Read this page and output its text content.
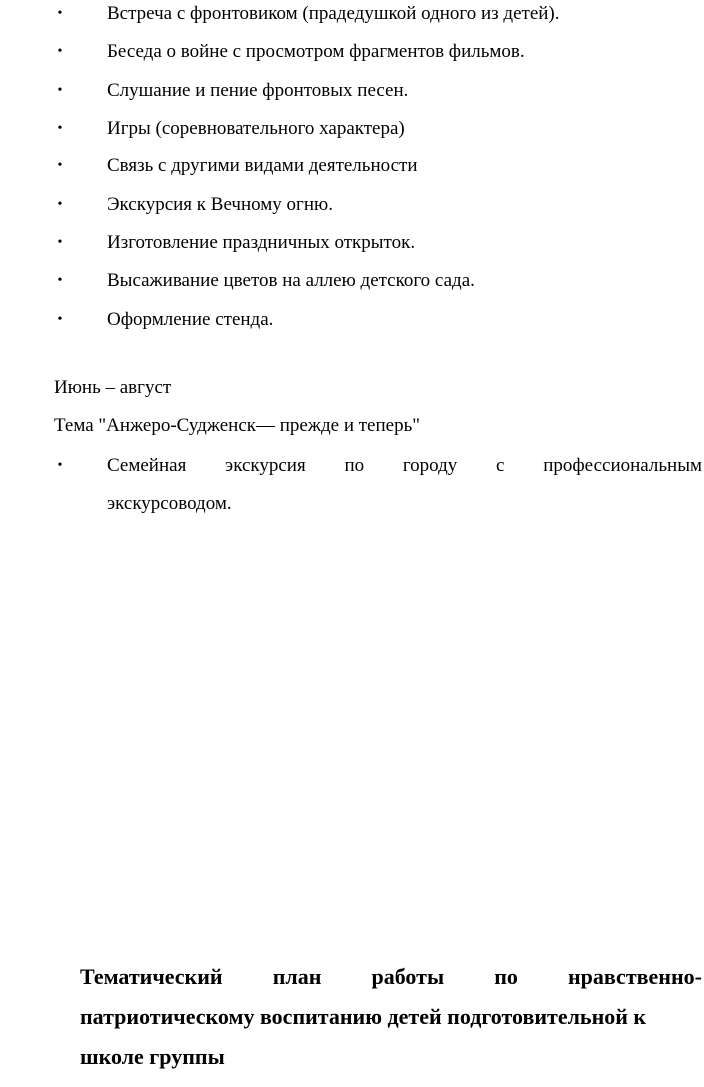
• Встреча с фронтовиком (прадедушкой одного из детей).
• Беседа о войне с просмотром фрагментов фильмов.
• Слушание и пение фронтовых песен.
• Игры (соревновательного характера)
• Связь с другими видами деятельности
• Экскурсия к Вечному огню.
• Изготовление праздничных открыток.
• Высаживание цветов на аллею детского сада.
• Оформление стенда.
Июнь – август
Тема "Анжеро-Судженск— прежде и теперь"
• Семейная экскурсия по городу с профессиональным
экскурсоводом.
Тематический план работы по нравственно-
патриотическому воспитанию детей подготовительной к
школе группы
